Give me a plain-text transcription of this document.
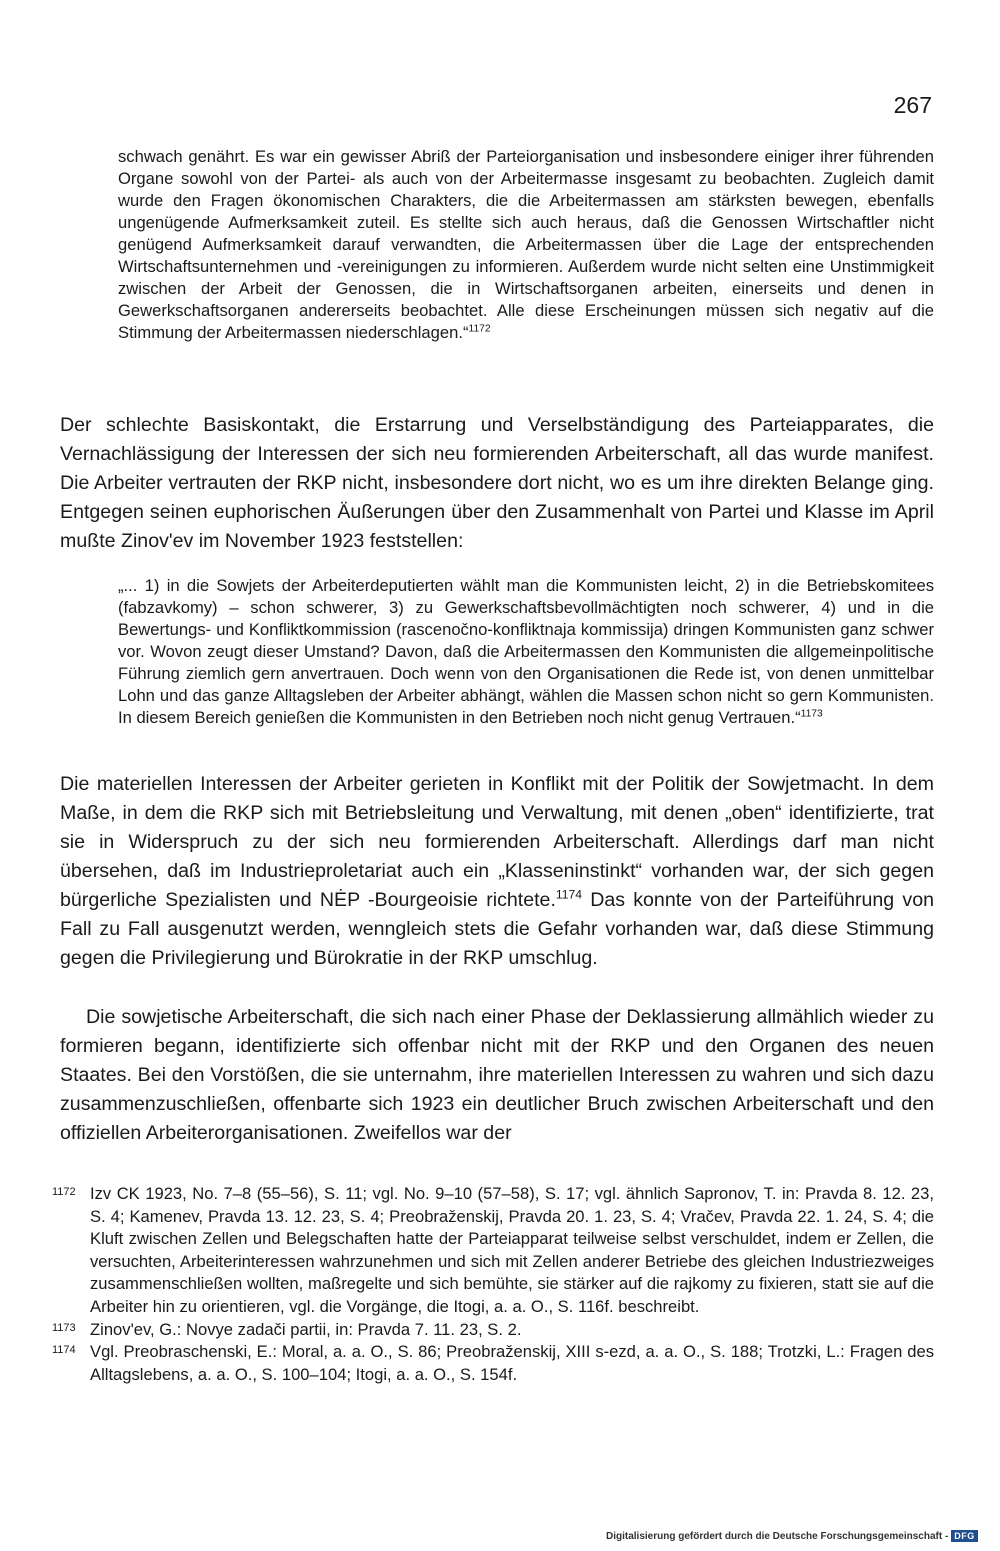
267

schwach genährt. Es war ein gewisser Abriß der Parteiorganisation und insbesondere einiger ihrer führenden Organe sowohl von der Partei- als auch von der Arbeitermasse insgesamt zu beobachten. Zugleich damit wurde den Fragen ökonomischen Charakters, die die Arbeitermassen am stärksten bewegen, ebenfalls ungenügende Aufmerksamkeit zuteil. Es stellte sich auch heraus, daß die Genossen Wirtschaftler nicht genügend Aufmerksamkeit darauf verwandten, die Arbeitermassen über die Lage der entsprechenden Wirtschaftsunternehmen und -vereinigungen zu informieren. Außerdem wurde nicht selten eine Unstimmigkeit zwischen der Arbeit der Genossen, die in Wirtschaftsorganen arbeiten, einerseits und denen in Gewerkschaftsorganen andererseits beobachtet. Alle diese Erscheinungen müssen sich negativ auf die Stimmung der Arbeitermassen niederschlagen.“$^{1172}$

Der schlechte Basiskontakt, die Erstarrung und Verselbständigung des Parteiapparates, die Vernachlässigung der Interessen der sich neu formierenden Arbeiterschaft, all das wurde manifest. Die Arbeiter vertrauten der RKP nicht, insbesondere dort nicht, wo es um ihre direkten Belange ging. Entgegen seinen euphorischen Äußerungen über den Zusammenhalt von Partei und Klasse im April mußte Zinov'ev im November 1923 feststellen:

„... 1) in die Sowjets der Arbeiterdeputierten wählt man die Kommunisten leicht, 2) in die Betriebskomitees (fabzavkomy) – schon schwerer, 3) zu Gewerkschaftsbevollmächtigten noch schwerer, 4) und in die Bewertungs- und Konfliktkommission (rascenočno-konfliktnaja kommissija) dringen Kommunisten ganz schwer vor. Wovon zeugt dieser Umstand? Davon, daß die Arbeitermassen den Kommunisten die allgemeinpolitische Führung ziemlich gern anvertrauen. Doch wenn von den Organisationen die Rede ist, von denen unmittelbar Lohn und das ganze Alltagsleben der Arbeiter abhängt, wählen die Massen schon nicht so gern Kommunisten. In diesem Bereich genießen die Kommunisten in den Betrieben noch nicht genug Vertrauen.“$^{1173}$

Die materiellen Interessen der Arbeiter gerieten in Konflikt mit der Politik der Sowjetmacht. In dem Maße, in dem die RKP sich mit Betriebsleitung und Verwaltung, mit denen „oben“ identifizierte, trat sie in Widerspruch zu der sich neu formierenden Arbeiterschaft. Allerdings darf man nicht übersehen, daß im Industrieproletariat auch ein „Klasseninstinkt“ vorhanden war, der sich gegen bürgerliche Spezialisten und NĖP -Bourgeoisie richtete.$^{1174}$ Das konnte von der Parteiführung von Fall zu Fall ausgenutzt werden, wenngleich stets die Gefahr vorhanden war, daß diese Stimmung gegen die Privilegierung und Bürokratie in der RKP umschlug.

Die sowjetische Arbeiterschaft, die sich nach einer Phase der Deklassierung allmählich wieder zu formieren begann, identifizierte sich offenbar nicht mit der RKP und den Organen des neuen Staates. Bei den Vorstößen, die sie unternahm, ihre materiellen Interessen zu wahren und sich dazu zusammenzuschließen, offenbarte sich 1923 ein deutlicher Bruch zwischen Arbeiterschaft und den offiziellen Arbeiterorganisationen. Zweifellos war der

1172 Izv CK 1923, No. 7–8 (55–56), S. 11; vgl. No. 9–10 (57–58), S. 17; vgl. ähnlich Sapronov, T. in: Pravda 8. 12. 23, S. 4; Kamenev, Pravda 13. 12. 23, S. 4; Preobraženskij, Pravda 20. 1. 23, S. 4; Vračev, Pravda 22. 1. 24, S. 4; die Kluft zwischen Zellen und Belegschaften hatte der Parteiapparat teilweise selbst verschuldet, indem er Zellen, die versuchten, Arbeiterinteressen wahrzunehmen und sich mit Zellen anderer Betriebe des gleichen Industriezweiges zusammenschließen wollten, maßregelte und sich bemühte, sie stärker auf die rajkomy zu fixieren, statt sie auf die Arbeiter hin zu orientieren, vgl. die Vorgänge, die Itogi, a. a. O., S. 116f. beschreibt.

1173 Zinov'ev, G.: Novye zadači partii, in: Pravda 7. 11. 23, S. 2.

1174 Vgl. Preobraschenski, E.: Moral, a. a. O., S. 86; Preobraženskij, XIII s-ezd, a. a. O., S. 188; Trotzki, L.: Fragen des Alltagslebens, a. a. O., S. 100–104; Itogi, a. a. O., S. 154f.

Digitalisierung gefördert durch die Deutsche Forschungsgemeinschaft - DFG
